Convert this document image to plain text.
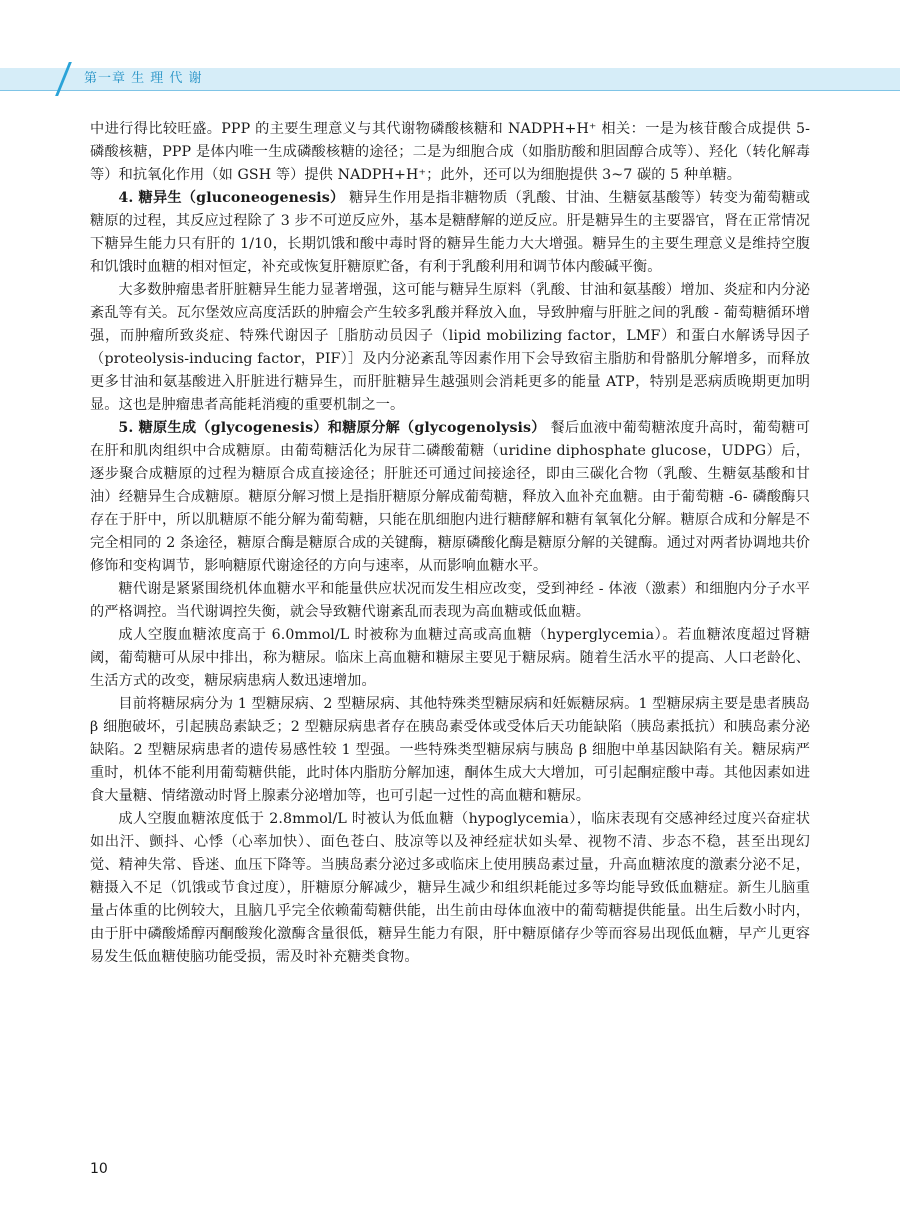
第一章 生 理 代 谢

中进行得比较旺盛。PPP 的主要生理意义与其代谢物磷酸核糖和 NADPH+H⁺ 相关：一是为核苷酸合成提供 5- 磷酸核糖，PPP 是体内唯一生成磷酸核糖的途径；二是为细胞合成（如脂肪酸和胆固醇合成等）、羟化（转化解毒等）和抗氧化作用（如 GSH 等）提供 NADPH+H⁺；此外，还可以为细胞提供 3~7 碳的 5 种单糖。

4. 糖异生（gluconeogenesis） 糖异生作用是指非糖物质（乳酸、甘油、生糖氨基酸等）转变为葡萄糖或糖原的过程，其反应过程除了 3 步不可逆反应外，基本是糖酵解的逆反应。肝是糖异生的主要器官，肾在正常情况下糖异生能力只有肝的 1/10，长期饥饿和酸中毒时肾的糖异生能力大大增强。糖异生的主要生理意义是维持空腹和饥饿时血糖的相对恒定，补充或恢复肝糖原贮备，有利于乳酸利用和调节体内酸碱平衡。

大多数肿瘤患者肝脏糖异生能力显著增强，这可能与糖异生原料（乳酸、甘油和氨基酸）增加、炎症和内分泌紊乱等有关。瓦尔堡效应高度活跃的肿瘤会产生较多乳酸并释放入血，导致肿瘤与肝脏之间的乳酸 - 葡萄糖循环增强，而肿瘤所致炎症、特殊代谢因子［脂肪动员因子（lipid mobilizing factor，LMF）和蛋白水解诱导因子（proteolysis-inducing factor，PIF）］及内分泌紊乱等因素作用下会导致宿主脂肪和骨骼肌分解增多，而释放更多甘油和氨基酸进入肝脏进行糖异生，而肝脏糖异生越强则会消耗更多的能量 ATP，特别是恶病质晚期更加明显。这也是肿瘤患者高能耗消瘦的重要机制之一。

5. 糖原生成（glycogenesis）和糖原分解（glycogenolysis） 餐后血液中葡萄糖浓度升高时，葡萄糖可在肝和肌肉组织中合成糖原。由葡萄糖活化为尿苷二磷酸葡糖（uridine diphosphate glucose，UDPG）后，逐步聚合成糖原的过程为糖原合成直接途径；肝脏还可通过间接途径，即由三碳化合物（乳酸、生糖氨基酸和甘油）经糖异生合成糖原。糖原分解习惯上是指肝糖原分解成葡萄糖，释放入血补充血糖。由于葡萄糖 -6- 磷酸酶只存在于肝中，所以肌糖原不能分解为葡萄糖，只能在肌细胞内进行糖酵解和糖有氧氧化分解。糖原合成和分解是不完全相同的 2 条途径，糖原合酶是糖原合成的关键酶，糖原磷酸化酶是糖原分解的关键酶。通过对两者协调地共价修饰和变构调节，影响糖原代谢途径的方向与速率，从而影响血糖水平。

糖代谢是紧紧围绕机体血糖水平和能量供应状况而发生相应改变，受到神经 - 体液（激素）和细胞内分子水平的严格调控。当代谢调控失衡，就会导致糖代谢紊乱而表现为高血糖或低血糖。

成人空腹血糖浓度高于 6.0mmol/L 时被称为血糖过高或高血糖（hyperglycemia）。若血糖浓度超过肾糖阈，葡萄糖可从尿中排出，称为糖尿。临床上高血糖和糖尿主要见于糖尿病。随着生活水平的提高、人口老龄化、生活方式的改变，糖尿病患病人数迅速增加。

目前将糖尿病分为 1 型糖尿病、2 型糖尿病、其他特殊类型糖尿病和妊娠糖尿病。1 型糖尿病主要是患者胰岛 β 细胞破坏，引起胰岛素缺乏；2 型糖尿病患者存在胰岛素受体或受体后天功能缺陷（胰岛素抵抗）和胰岛素分泌缺陷。2 型糖尿病患者的遗传易感性较 1 型强。一些特殊类型糖尿病与胰岛 β 细胞中单基因缺陷有关。糖尿病严重时，机体不能利用葡萄糖供能，此时体内脂肪分解加速，酮体生成大大增加，可引起酮症酸中毒。其他因素如进食大量糖、情绪激动时肾上腺素分泌增加等，也可引起一过性的高血糖和糖尿。

成人空腹血糖浓度低于 2.8mmol/L 时被认为低血糖（hypoglycemia），临床表现有交感神经过度兴奋症状如出汗、颤抖、心悸（心率加快）、面色苍白、肢凉等以及神经症状如头晕、视物不清、步态不稳，甚至出现幻觉、精神失常、昏迷、血压下降等。当胰岛素分泌过多或临床上使用胰岛素过量，升高血糖浓度的激素分泌不足，糖摄入不足（饥饿或节食过度），肝糖原分解减少，糖异生减少和组织耗能过多等均能导致低血糖症。新生儿脑重量占体重的比例较大，且脑几乎完全依赖葡萄糖供能，出生前由母体血液中的葡萄糖提供能量。出生后数小时内，由于肝中磷酸烯醇丙酮酸羧化激酶含量很低，糖异生能力有限，肝中糖原储存少等而容易出现低血糖，早产儿更容易发生低血糖使脑功能受损，需及时补充糖类食物。

10
